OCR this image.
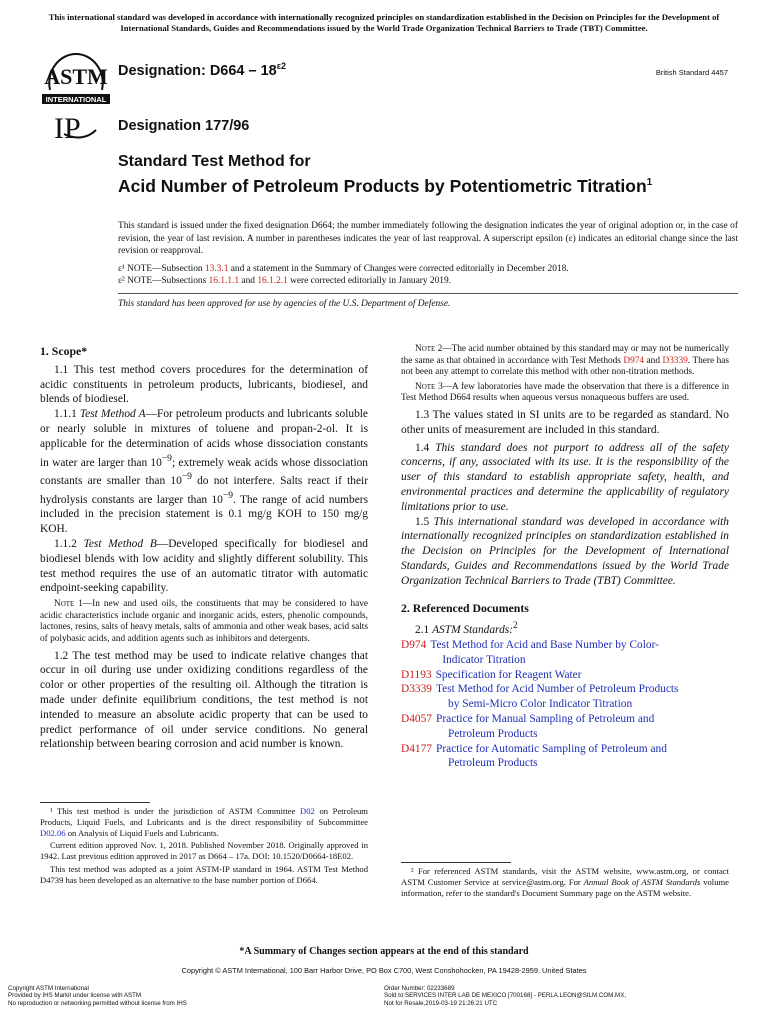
This international standard was developed in accordance with internationally recognized principles on standardization established in the Decision on Principles for the Development of International Standards, Guides and Recommendations issued by the World Trade Organization Technical Barriers to Trade (TBT) Committee.
ASTM
INTERNATIONAL
IP
Designation: $D664 - 18^{\varepsilon 2}$
British Standard 4457
Designation 177/96
Standard Test Method for
Acid Number of Petroleum Products by Potentiometric Titration$^1$

This standard is issued under the fixed designation D664; the number immediately following the designation indicates the year of original adoption or, in the case of revision, the year of last revision. A number in parentheses indicates the year of last reapproval. A superscript epsilon (ε) indicates an editorial change since the last revision or reapproval.

ε¹ NOTE—Subsection 13.3.1 and a statement in the Summary of Changes were corrected editorially in December 2018.

ε² NOTE—Subsections 16.1.1.1 and 16.1.2.1 were corrected editorially in January 2019.

This standard has been approved for use by agencies of the U.S. Department of Defense.

1. Scope*

1.1 This test method covers procedures for the determination of acidic constituents in petroleum products, lubricants, biodiesel, and blends of biodiesel.

1.1.1 Test Method A—For petroleum products and lubricants soluble or nearly soluble in mixtures of toluene and propan-2-ol. It is applicable for the determination of acids whose dissociation constants in water are larger than $10^{-9}$; extremely weak acids whose dissociation constants are smaller than $10^{-9}$ do not interfere. Salts react if their hydrolysis constants are larger than $10^{-9}$. The range of acid numbers included in the precision statement is 0.1 mg/g KOH to 150 mg/g KOH.

1.1.2 Test Method B—Developed specifically for biodiesel and biodiesel blends with low acidity and slightly different solubility. This test method requires the use of an automatic titrator with automatic endpoint-seeking capability.

Note 1—In new and used oils, the constituents that may be considered to have acidic characteristics include organic and inorganic acids, esters, phenolic compounds, lactones, resins, salts of heavy metals, salts of ammonia and other weak bases, acid salts of polybasic acids, and addition agents such as inhibitors and detergents.

1.2 The test method may be used to indicate relative changes that occur in oil during use under oxidizing conditions regardless of the color or other properties of the resulting oil. Although the titration is made under definite equilibrium conditions, the test method is not intended to measure an absolute acidic property that can be used to predict performance of oil under service conditions. No general relationship between bearing corrosion and acid number is known.

¹ This test method is under the jurisdiction of ASTM Committee D02 on Petroleum Products, Liquid Fuels, and Lubricants and is the direct responsibility of Subcommittee D02.06 on Analysis of Liquid Fuels and Lubricants.

Current edition approved Nov. 1, 2018. Published November 2018. Originally approved in 1942. Last previous edition approved in 2017 as D664 – 17a. DOI: 10.1520/D0664-18E02.

This test method was adopted as a joint ASTM-IP standard in 1964. ASTM Test Method D4739 has been developed as an alternative to the base number portion of D664.

Note 2—The acid number obtained by this standard may or may not be numerically the same as that obtained in accordance with Test Methods D974 and D3339. There has not been any attempt to correlate this method with other non-titration methods.

Note 3—A few laboratories have made the observation that there is a difference in Test Method D664 results when aqueous versus nonaqueous buffers are used.

1.3 The values stated in SI units are to be regarded as standard. No other units of measurement are included in this standard.

1.4 This standard does not purport to address all of the safety concerns, if any, associated with its use. It is the responsibility of the user of this standard to establish appropriate safety, health, and environmental practices and determine the applicability of regulatory limitations prior to use.

1.5 This international standard was developed in accordance with internationally recognized principles on standardization established in the Decision on Principles for the Development of International Standards, Guides and Recommendations issued by the World Trade Organization Technical Barriers to Trade (TBT) Committee.

2. Referenced Documents

2.1 ASTM Standards:$^2$

D974 Test Method for Acid and Base Number by Color-
Indicator Titration
D1193 Specification for Reagent Water
D3339 Test Method for Acid Number of Petroleum Products
by Semi-Micro Color Indicator Titration
D4057 Practice for Manual Sampling of Petroleum and
Petroleum Products
D4177 Practice for Automatic Sampling of Petroleum and
Petroleum Products

² For referenced ASTM standards, visit the ASTM website, www.astm.org, or contact ASTM Customer Service at service@astm.org. For Annual Book of ASTM Standards volume information, refer to the standard's Document Summary page on the ASTM website.

*A Summary of Changes section appears at the end of this standard
Copyright © ASTM International, 100 Barr Harbor Drive, PO Box C700, West Conshohocken, PA 19428-2959. United States
Copyright ASTM International
Provided by IHS Markit under license with ASTM
No reproduction or networking permitted without license from IHS
Order Number: 02233689
Sold to:SERVICES INTER LAB DE MEXICO [700168] - PERLA.LEON@SILM.COM.MX,
Not for Resale,2019-03-19 21:26:21 UTC
